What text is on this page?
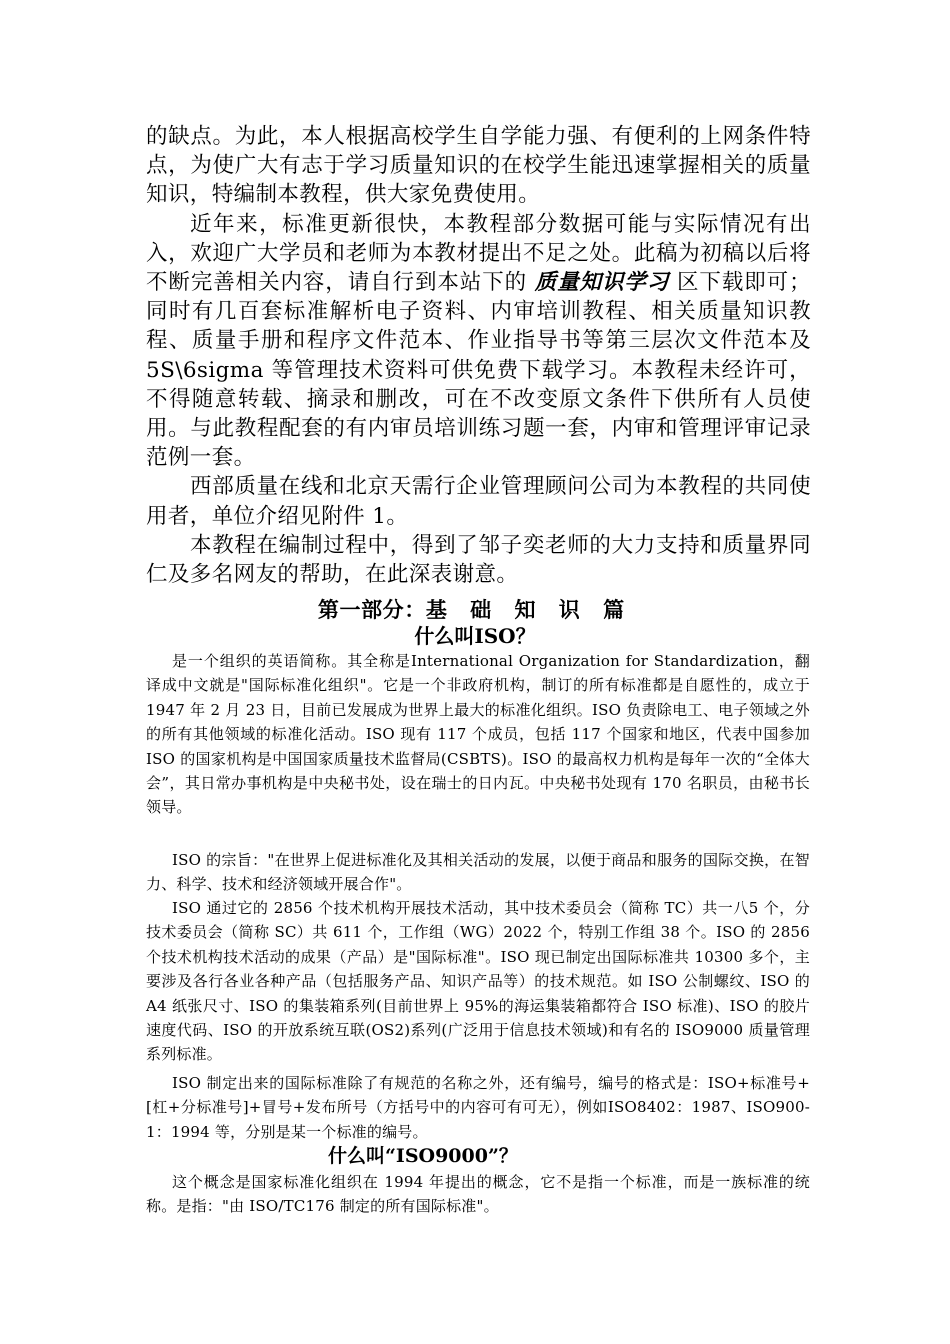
的缺点。为此，本人根据高校学生自学能力强、有便利的上网条件特点，为使广大有志于学习质量知识的在校学生能迅速掌握相关的质量知识，特编制本教程，供大家免费使用。

近年来，标准更新很快，本教程部分数据可能与实际情况有出入，欢迎广大学员和老师为本教材提出不足之处。此稿为初稿以后将不断完善相关内容，请自行到本站下的 质量知识学习 区下载即可；同时有几百套标准解析电子资料、内审培训教程、相关质量知识教程、质量手册和程序文件范本、作业指导书等第三层次文件范本及 5S\6sigma 等管理技术资料可供免费下载学习。本教程未经许可，不得随意转载、摘录和删改，可在不改变原文条件下供所有人员使用。与此教程配套的有内审员培训练习题一套，内审和管理评审记录范例一套。

西部质量在线和北京天需行企业管理顾问公司为本教程的共同使用者，单位介绍见附件 1。

本教程在编制过程中，得到了邹子奕老师的大力支持和质量界同仁及多名网友的帮助，在此深表谢意。

第一部分：基 础 知 识 篇
什么叫ISO？

是一个组织的英语简称。其全称是International Organization for Standardization，翻译成中文就是"国际标准化组织"。它是一个非政府机构，制订的所有标准都是自愿性的，成立于 1947 年 2 月 23 日，目前已发展成为世界上最大的标准化组织。ISO 负责除电工、电子领域之外的所有其他领域的标准化活动。ISO 现有 117 个成员，包括 117 个国家和地区，代表中国参加 ISO 的国家机构是中国国家质量技术监督局(CSBTS)。ISO 的最高权力机构是每年一次的“全体大会”，其日常办事机构是中央秘书处，设在瑞士的日内瓦。中央秘书处现有 170 名职员，由秘书长领导。

ISO 的宗旨："在世界上促进标准化及其相关活动的发展，以便于商品和服务的国际交换，在智力、科学、技术和经济领域开展合作"。

ISO 通过它的 2856 个技术机构开展技术活动，其中技术委员会（简称 TC）共一八5 个，分技术委员会（简称 SC）共 611 个，工作组（WG）2022 个，特别工作组 38 个。ISO 的 2856 个技术机构技术活动的成果（产品）是"国际标准"。ISO 现已制定出国际标准共 10300 多个，主要涉及各行各业各种产品（包括服务产品、知识产品等）的技术规范。如 ISO 公制螺纹、ISO 的 A4 纸张尺寸、ISO 的集装箱系列(目前世界上 95%的海运集装箱都符合 ISO 标准)、ISO 的胶片速度代码、ISO 的开放系统互联(OS2)系列(广泛用于信息技术领域)和有名的 ISO9000 质量管理系列标准。

ISO 制定出来的国际标准除了有规范的名称之外，还有编号，编号的格式是：ISO+标准号+[杠+分标准号]+冒号+发布所号（方括号中的内容可有可无），例如ISO8402：1987、ISO900-1：1994 等，分别是某一个标准的编号。

什么叫“ISO9000”？

这个概念是国家标准化组织在 1994 年提出的概念，它不是指一个标准，而是一族标准的统称。是指："由 ISO/TC176 制定的所有国际标准"。
